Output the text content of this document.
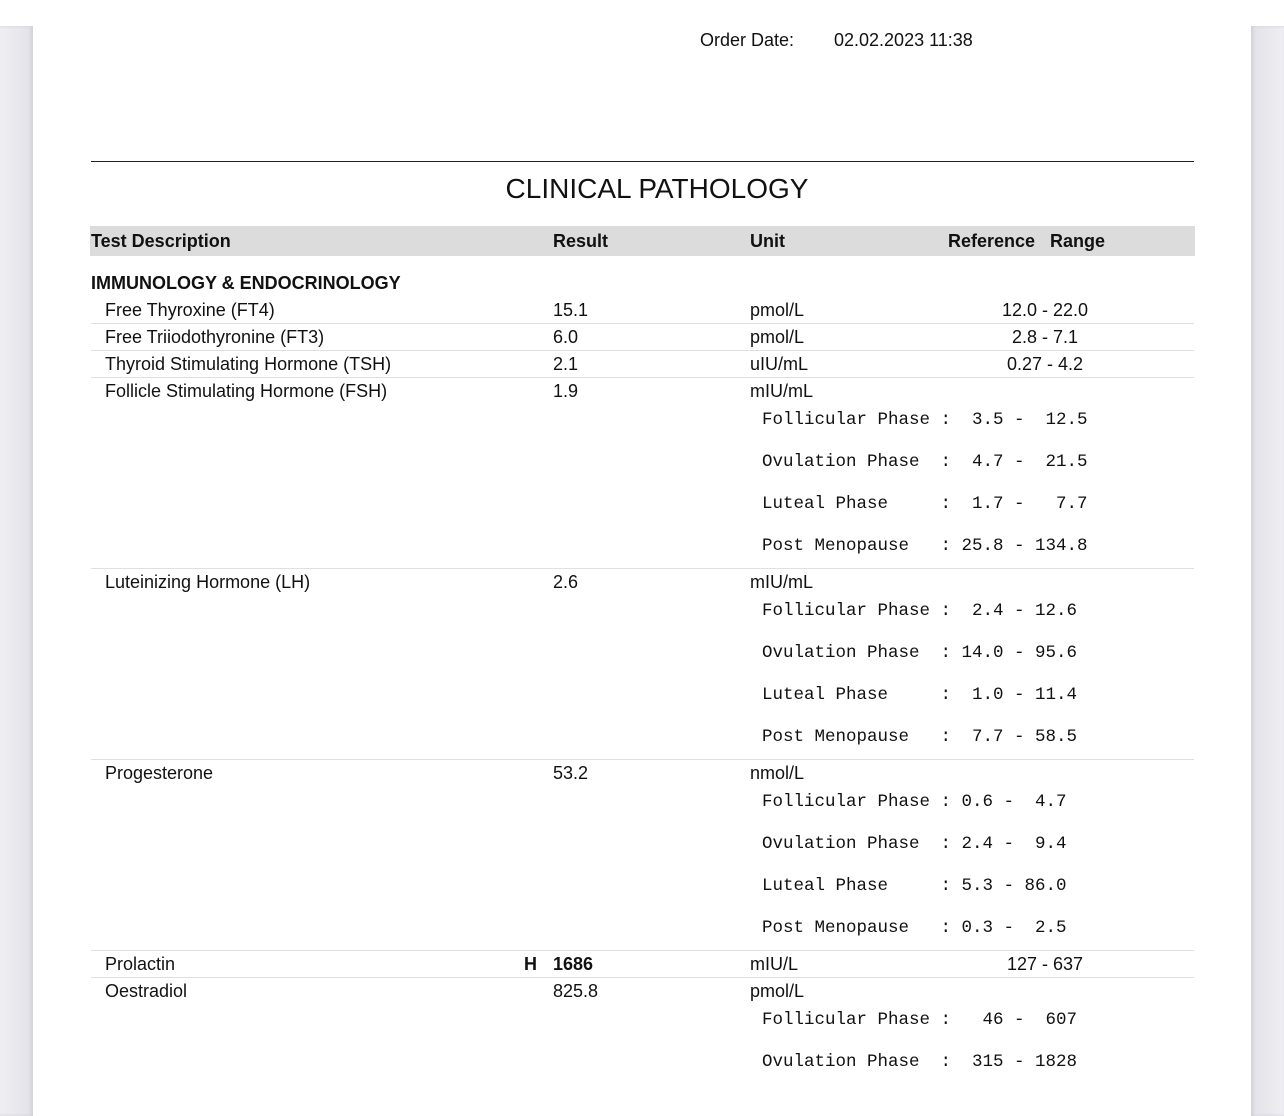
Order Date: 02.02.2023 11:38
CLINICAL PATHOLOGY
Test Description	Result	Unit	Reference   Range
IMMUNOLOGY & ENDOCRINOLOGY
Free Thyroxine (FT4)	15.1	pmol/L	12.0 - 22.0
Free Triiodothyronine (FT3)	6.0	pmol/L	2.8 - 7.1
Thyroid Stimulating Hormone (TSH)	2.1	uIU/mL	0.27 - 4.2
Follicle Stimulating Hormone (FSH)	1.9	mIU/mL
Follicular Phase :  3.5 -  12.5
Ovulation Phase  :  4.7 -  21.5
Luteal Phase     :  1.7 -   7.7
Post Menopause   : 25.8 - 134.8
Luteinizing Hormone (LH)	2.6	mIU/mL
Follicular Phase :  2.4 - 12.6
Ovulation Phase  : 14.0 - 95.6
Luteal Phase     :  1.0 - 11.4
Post Menopause   :  7.7 - 58.5
Progesterone	53.2	nmol/L
Follicular Phase : 0.6 -  4.7
Ovulation Phase  : 2.4 -  9.4
Luteal Phase     : 5.3 - 86.0
Post Menopause   : 0.3 -  2.5
Prolactin	H 1686	mIU/L	127 - 637
Oestradiol	825.8	pmol/L
Follicular Phase :   46 -  607
Ovulation Phase  :  315 - 1828
